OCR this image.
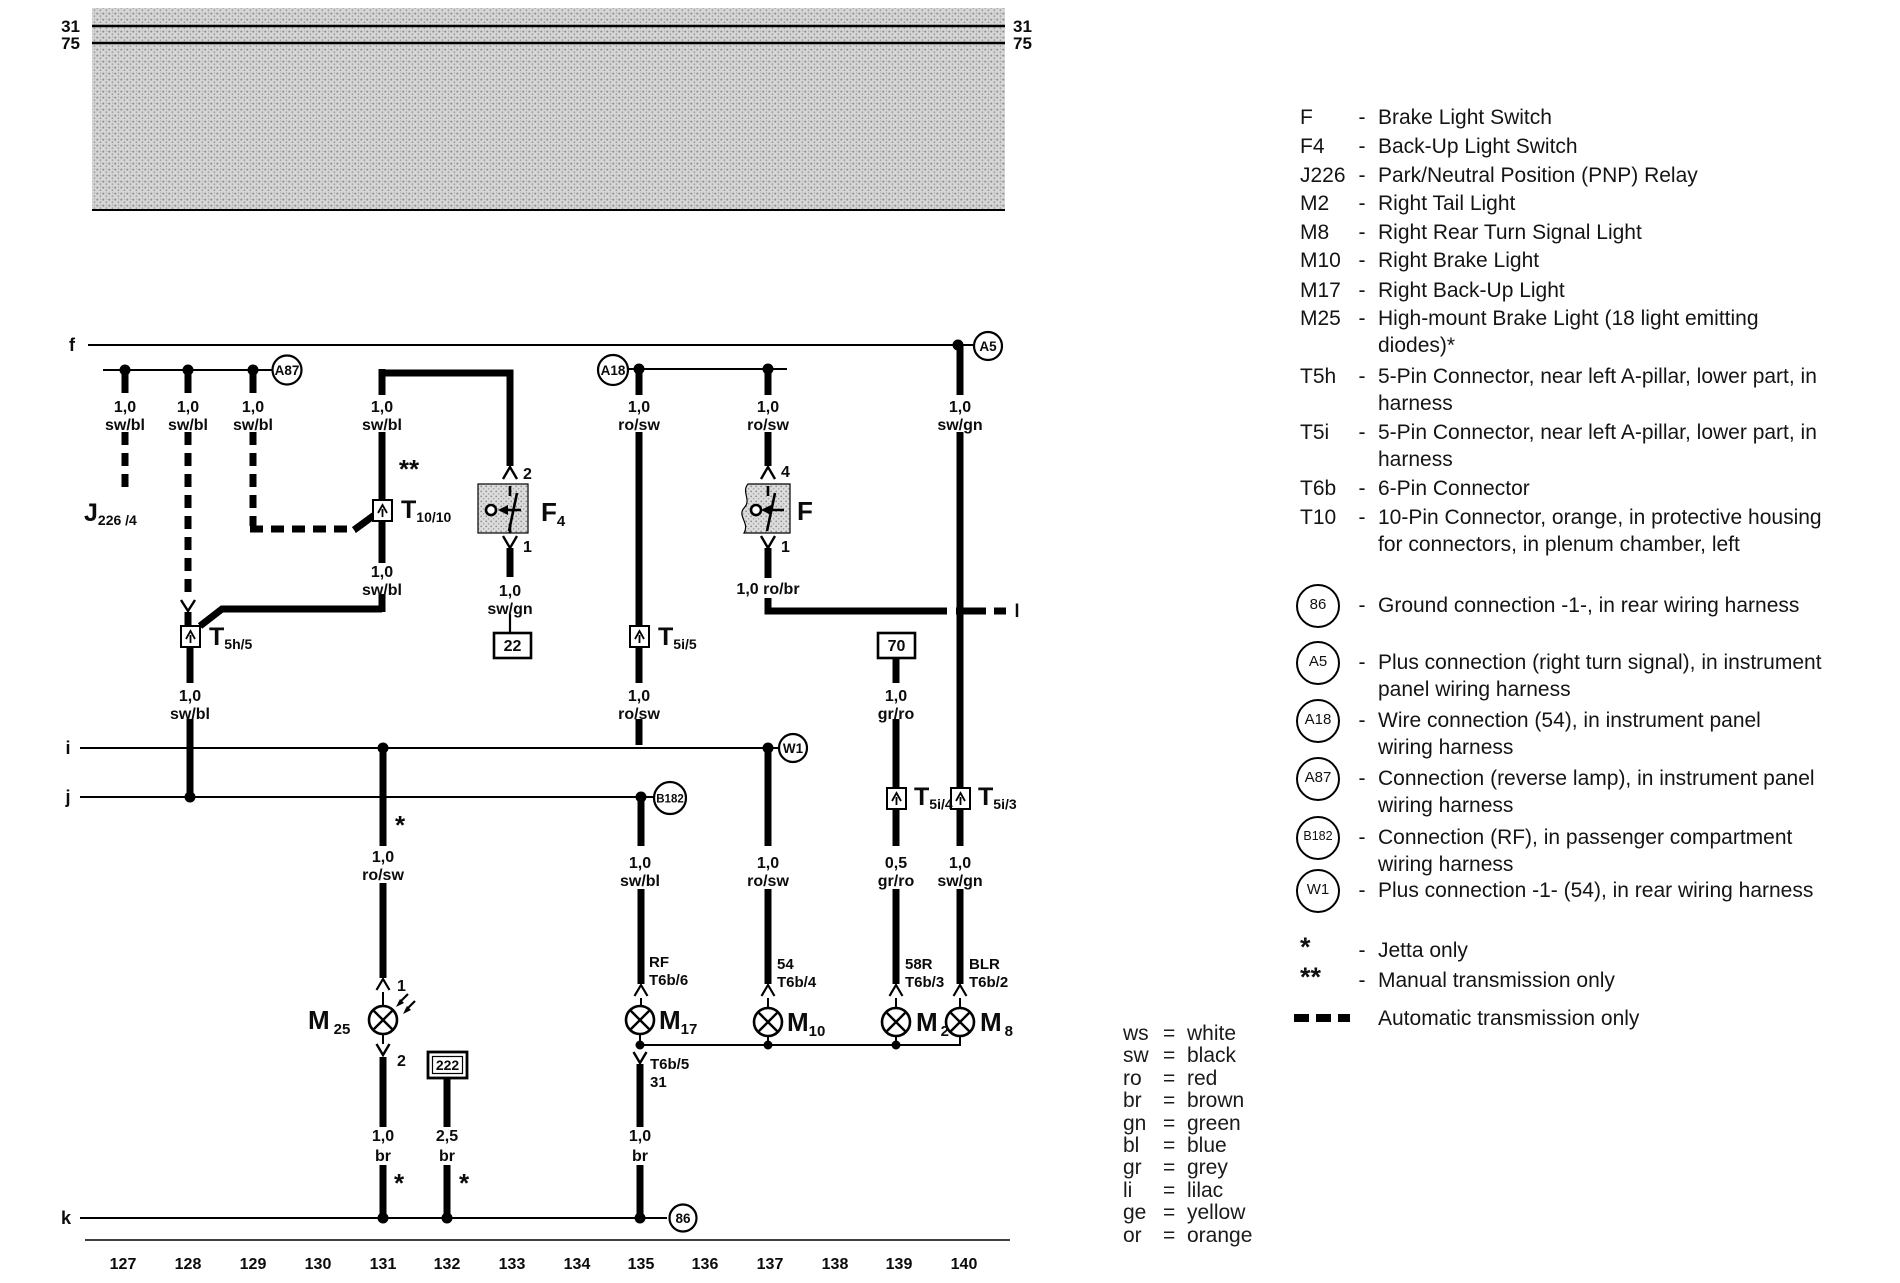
31
75
31
75
f
i
j
k
22
l
70
222
A87	A18
A5
W1
B182
86
1,0
sw/bl
1,0
sw/bl
1,0
sw/bl
1,0
sw/bl
1,0
sw/bl
1,0
sw/bl
1,0
sw/gn
1,0
ro/sw
1,0
ro/sw
1,0
ro/sw
1,0 ro/br
1,0
sw/gn
1,0
gr/ro
0,5
gr/ro
1,0
sw/gn
1,0
ro/sw
1,0
sw/bl
1,0
ro/sw
1,0
br
2,5
br
1,0
br
J226 /4	T10/10
T5h/5	T5i/5
T5i/4 T5i/3
F4	F
M 25	M17	M10	M 2 M 8
2
1
4
1
1
2
RF
T6b/6
54
T6b/4
58R
T6b/3
BLR
T6b/2
T6b/5
31
**
*
* *
127 128 129 130 131 132 133 134 135 136 137 138 139 140
F	- Brake Light Switch
F4	- Back-Up Light Switch
J226 - Park/Neutral Position (PNP) Relay
M2	- Right Tail Light
M8	- Right Rear Turn Signal Light
M10 - Right Brake Light
M17 - Right Back-Up Light
M25 - High-mount Brake Light (18 light emitting
diodes)*
T5h	- 5-Pin Connector, near left A-pillar, lower part, in
harness
T5i	- 5-Pin Connector, near left A-pillar, lower part, in
harness
T6b	- 6-Pin Connector
T10	- 10-Pin Connector, orange, in protective housing
for connectors, in plenum chamber, left
86	- Ground connection -1-, in rear wiring harness
A5	- Plus connection (right turn signal), in instrument
panel wiring harness
A18	- Wire connection (54), in instrument panel
wiring harness
A87	- Connection (reverse lamp), in instrument panel
wiring harness
B182	- Connection (RF), in passenger compartment
wiring harness
W1	- Plus connection -1- (54), in rear wiring harness
*	- Jetta only
**	- Manual transmission only
Automatic transmission only
ws = white
sw = black
ro = red
br = brown
gn = green
bl = blue
gr = grey
li = lilac
ge = yellow
or = orange
